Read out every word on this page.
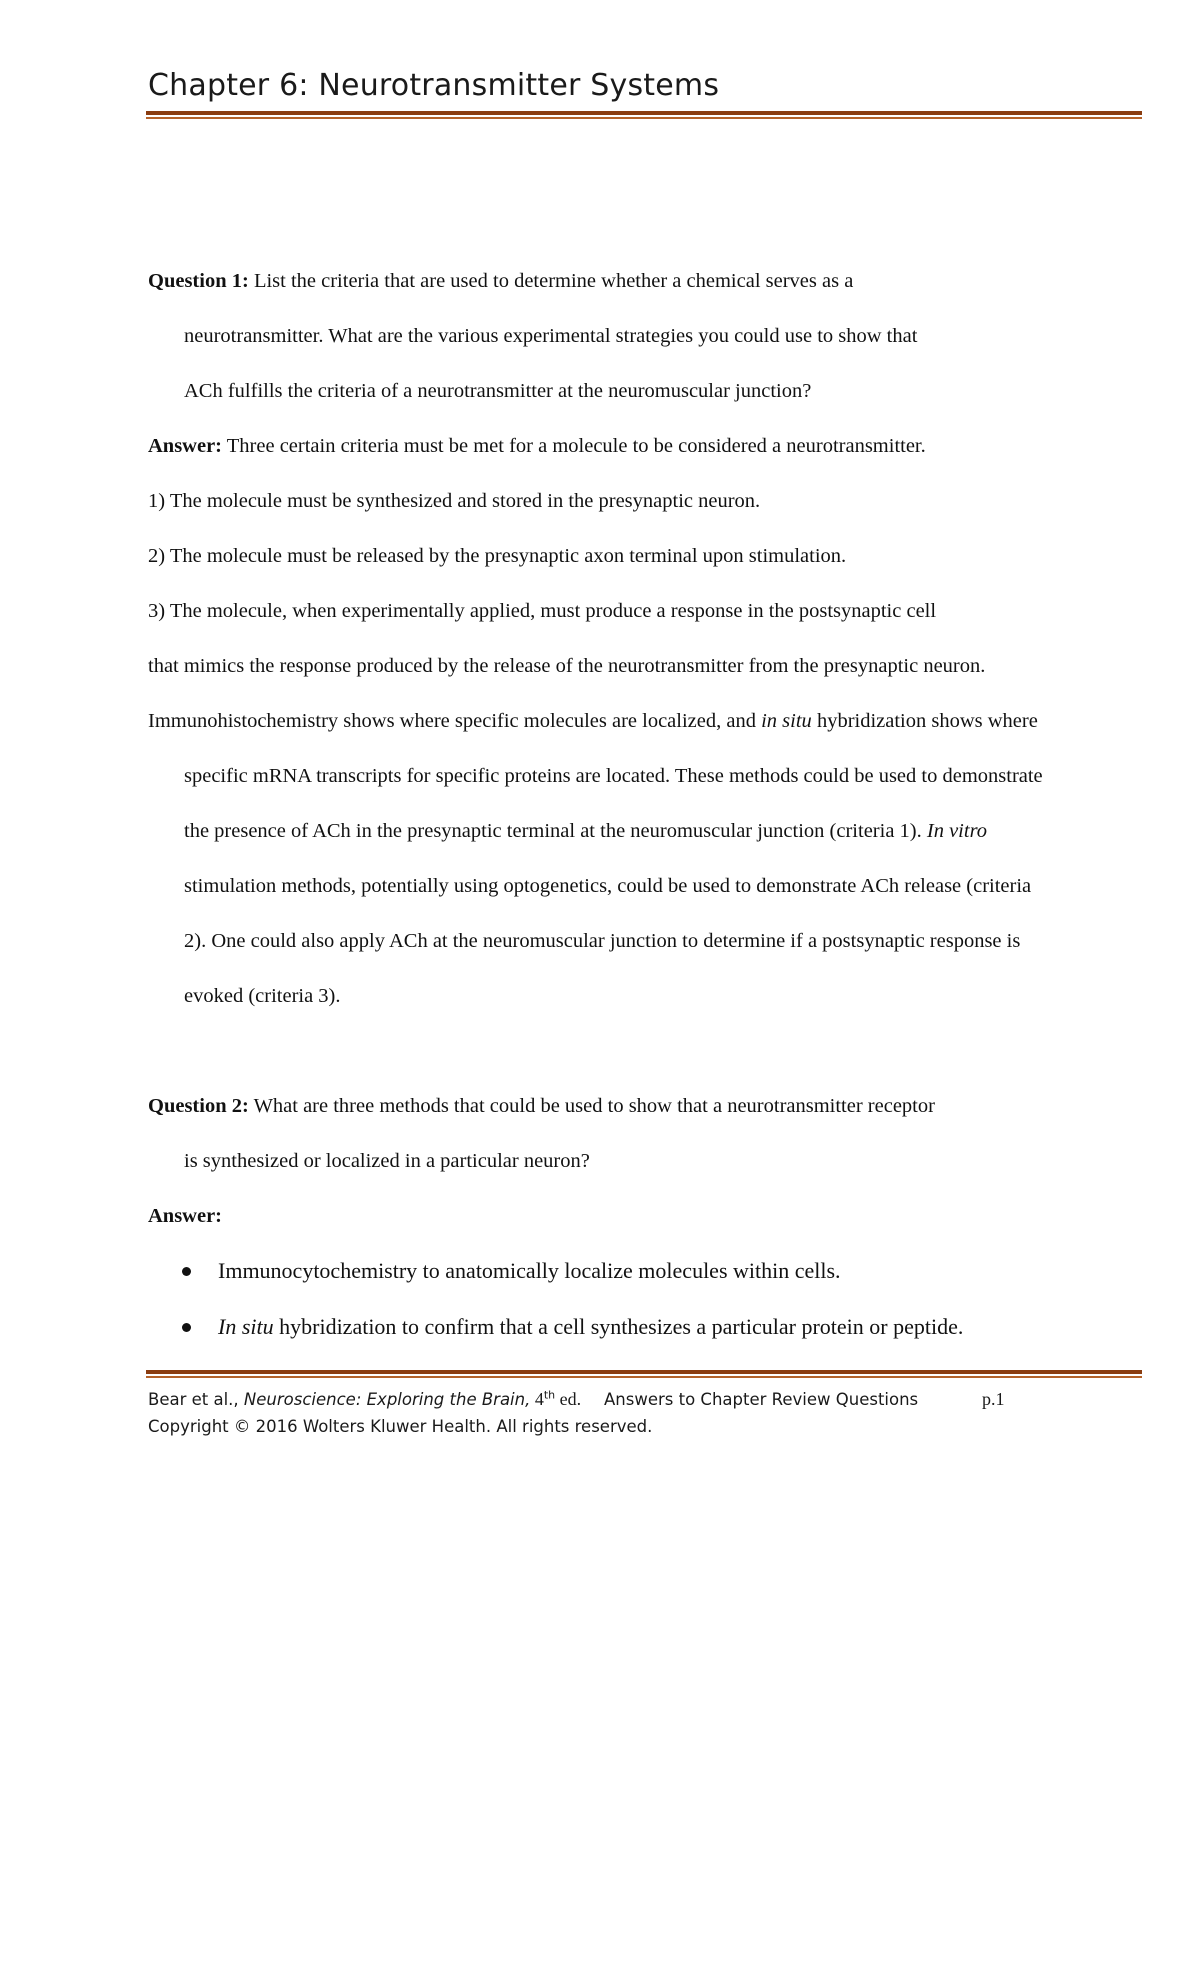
Chapter 6: Neurotransmitter Systems
Question 1: List the criteria that are used to determine whether a chemical serves as a
neurotransmitter. What are the various experimental strategies you could use to show that
ACh fulfills the criteria of a neurotransmitter at the neuromuscular junction?
Answer: Three certain criteria must be met for a molecule to be considered a neurotransmitter.
1) The molecule must be synthesized and stored in the presynaptic neuron.
2) The molecule must be released by the presynaptic axon terminal upon stimulation.
3) The molecule, when experimentally applied, must produce a response in the postsynaptic cell
that mimics the response produced by the release of the neurotransmitter from the presynaptic neuron.
Immunohistochemistry shows where specific molecules are localized, and in situ hybridization shows where
specific mRNA transcripts for specific proteins are located. These methods could be used to demonstrate
the presence of ACh in the presynaptic terminal at the neuromuscular junction (criteria 1). In vitro
stimulation methods, potentially using optogenetics, could be used to demonstrate ACh release (criteria
2). One could also apply ACh at the neuromuscular junction to determine if a postsynaptic response is
evoked (criteria 3).
Question 2: What are three methods that could be used to show that a neurotransmitter receptor
is synthesized or localized in a particular neuron?
Answer:
Immunocytochemistry to anatomically localize molecules within cells.
In situ hybridization to confirm that a cell synthesizes a particular protein or peptide.
Bear et al., Neuroscience: Exploring the Brain, 4th ed. Answers to Chapter Review Questions	p.1
Copyright © 2016 Wolters Kluwer Health. All rights reserved.
